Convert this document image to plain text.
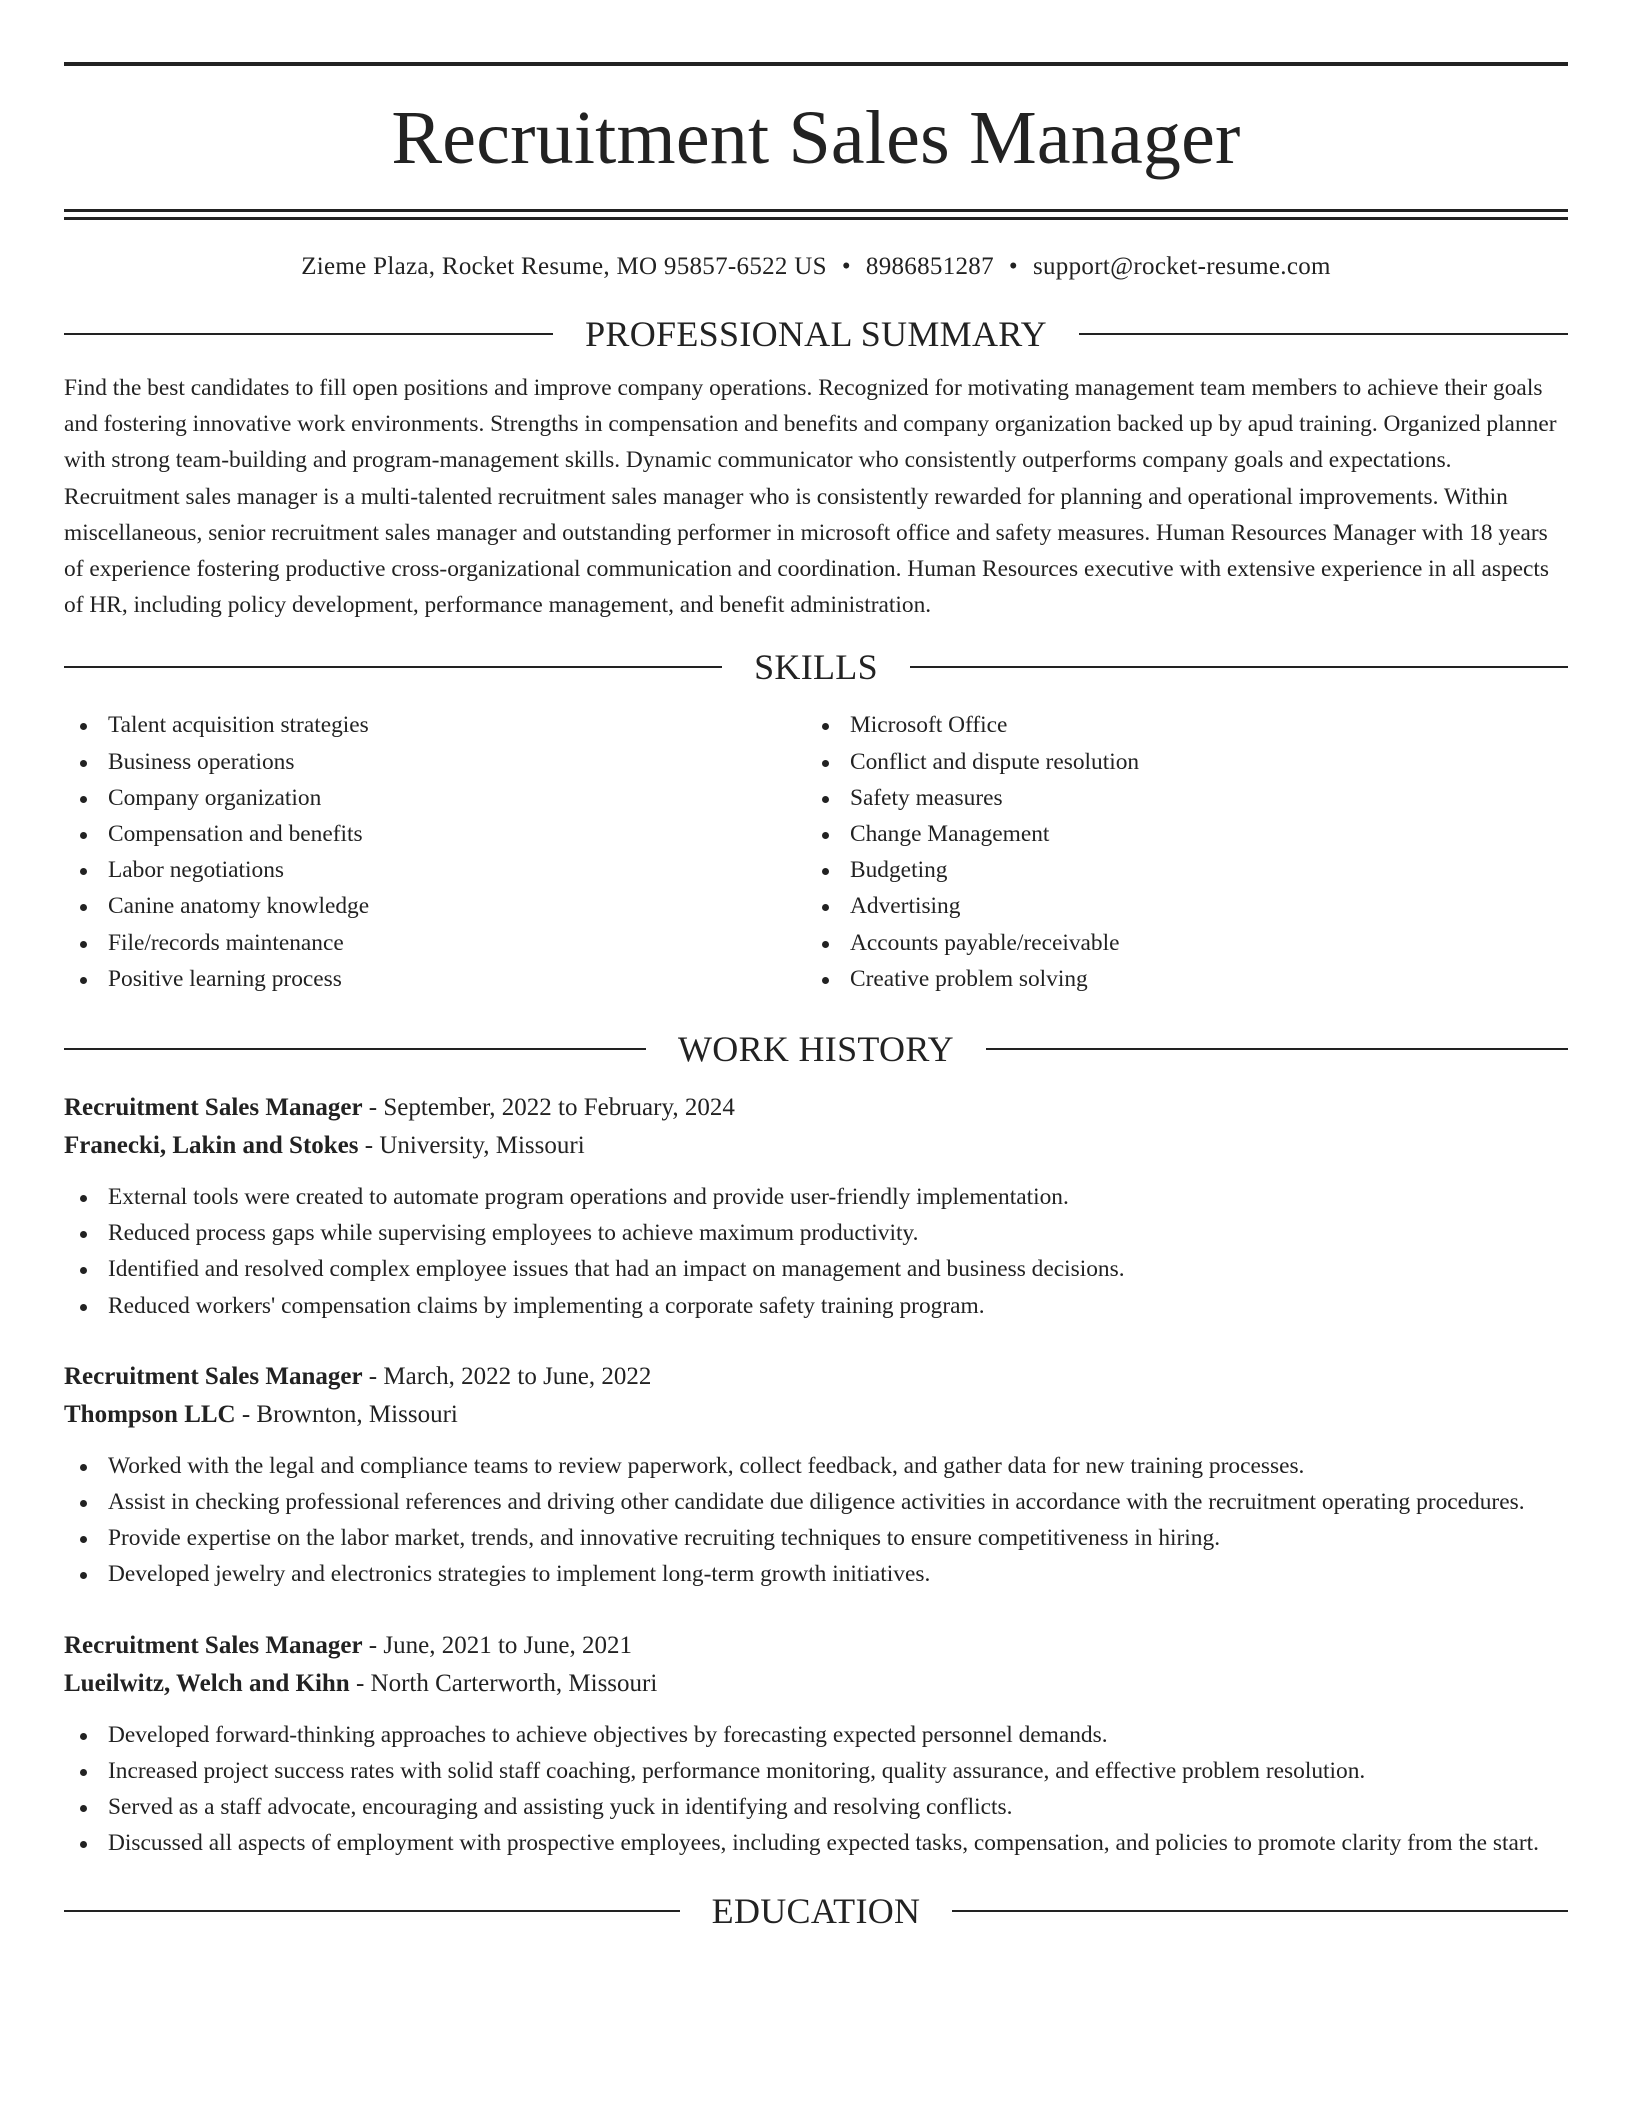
Recruitment Sales Manager
Zieme Plaza, Rocket Resume, MO 95857-6522 US • 8986851287 • support@rocket-resume.com
PROFESSIONAL SUMMARY

Find the best candidates to fill open positions and improve company operations. Recognized for motivating management team members to achieve their goals and fostering innovative work environments. Strengths in compensation and benefits and company organization backed up by apud training. Organized planner with strong team-building and program-management skills. Dynamic communicator who consistently outperforms company goals and expectations. Recruitment sales manager is a multi-talented recruitment sales manager who is consistently rewarded for planning and operational improvements. Within miscellaneous, senior recruitment sales manager and outstanding performer in microsoft office and safety measures. Human Resources Manager with 18 years of experience fostering productive cross-organizational communication and coordination. Human Resources executive with extensive experience in all aspects of HR, including policy development, performance management, and benefit administration.

SKILLS
Talent acquisition strategies
Business operations
Company organization
Compensation and benefits
Labor negotiations
Canine anatomy knowledge
File/records maintenance
Positive learning process
Microsoft Office
Conflict and dispute resolution
Safety measures
Change Management
Budgeting
Advertising
Accounts payable/receivable
Creative problem solving
WORK HISTORY
Recruitment Sales Manager - September, 2022 to February, 2024
Franecki, Lakin and Stokes - University, Missouri
External tools were created to automate program operations and provide user-friendly implementation.
Reduced process gaps while supervising employees to achieve maximum productivity.
Identified and resolved complex employee issues that had an impact on management and business decisions.
Reduced workers' compensation claims by implementing a corporate safety training program.
Recruitment Sales Manager - March, 2022 to June, 2022
Thompson LLC - Brownton, Missouri
Worked with the legal and compliance teams to review paperwork, collect feedback, and gather data for new training processes.
Assist in checking professional references and driving other candidate due diligence activities in accordance with the recruitment operating procedures.
Provide expertise on the labor market, trends, and innovative recruiting techniques to ensure competitiveness in hiring.
Developed jewelry and electronics strategies to implement long-term growth initiatives.
Recruitment Sales Manager - June, 2021 to June, 2021
Lueilwitz, Welch and Kihn - North Carterworth, Missouri
Developed forward-thinking approaches to achieve objectives by forecasting expected personnel demands.
Increased project success rates with solid staff coaching, performance monitoring, quality assurance, and effective problem resolution.
Served as a staff advocate, encouraging and assisting yuck in identifying and resolving conflicts.
Discussed all aspects of employment with prospective employees, including expected tasks, compensation, and policies to promote clarity from the start.
EDUCATION
